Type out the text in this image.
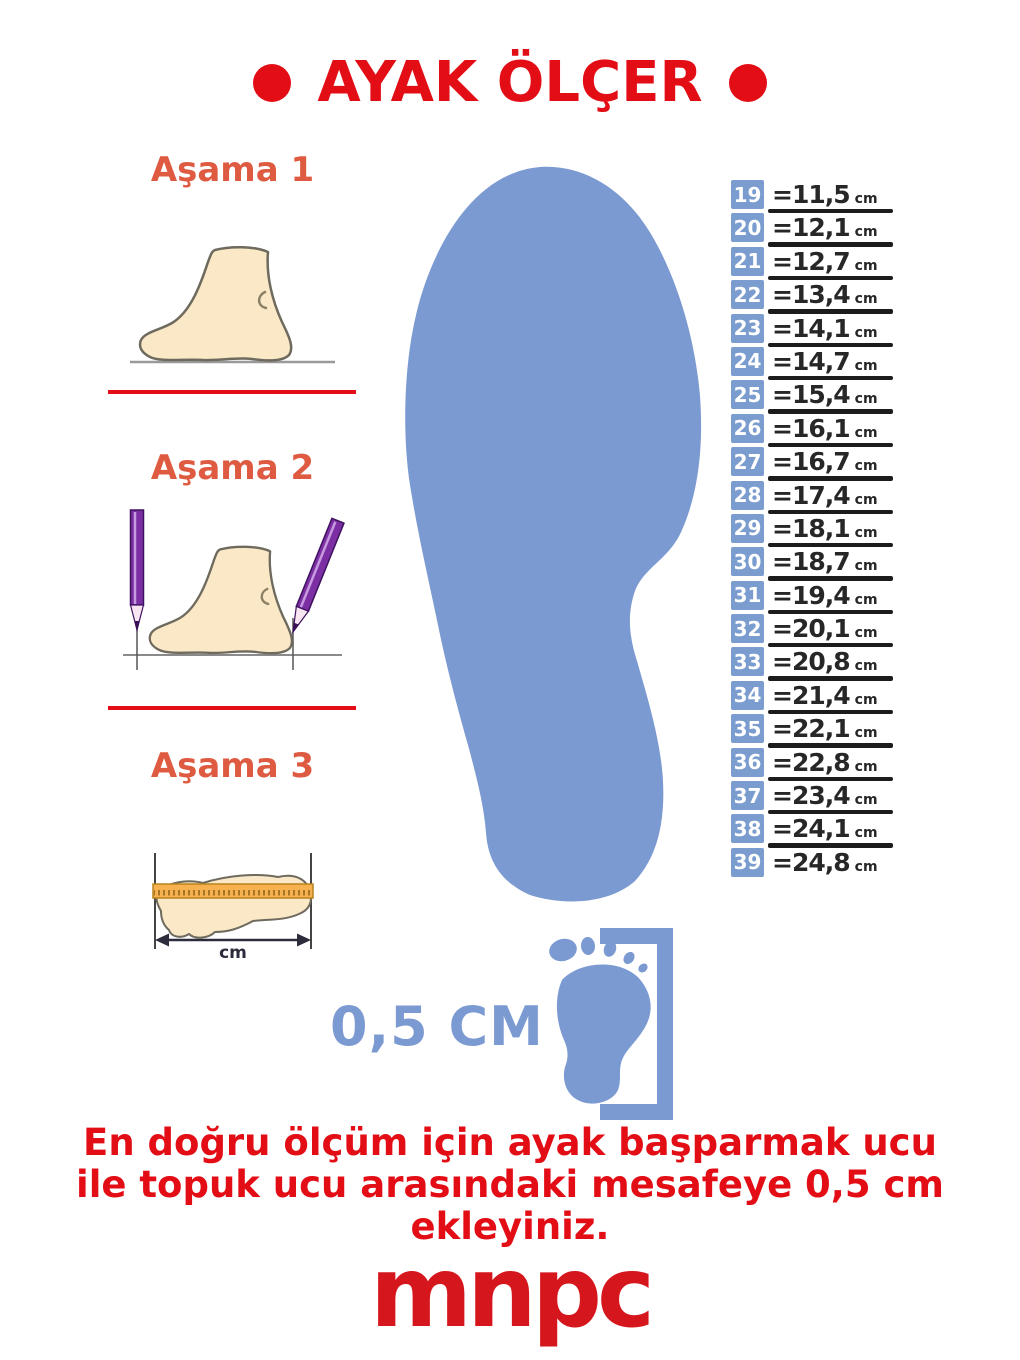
AYAK ÖLÇER
Aşama 1
Aşama 2
Aşama 3
cm
19 =11,5 cm
20 =12,1 cm
21 =12,7 cm
22 =13,4 cm
23 =14,1 cm
24 =14,7 cm
25 =15,4 cm
26 =16,1 cm
27 =16,7 cm
28 =17,4 cm
29 =18,1 cm
30 =18,7 cm
31 =19,4 cm
32 =20,1 cm
33 =20,8 cm
34 =21,4 cm
35 =22,1 cm
36 =22,8 cm
37 =23,4 cm
38 =24,1 cm
39 =24,8 cm
0,5 CM

En doğru ölçüm için ayak başparmak ucu
ile topuk ucu arasındaki mesafeye 0,5 cm
ekleyiniz.

mnpc
